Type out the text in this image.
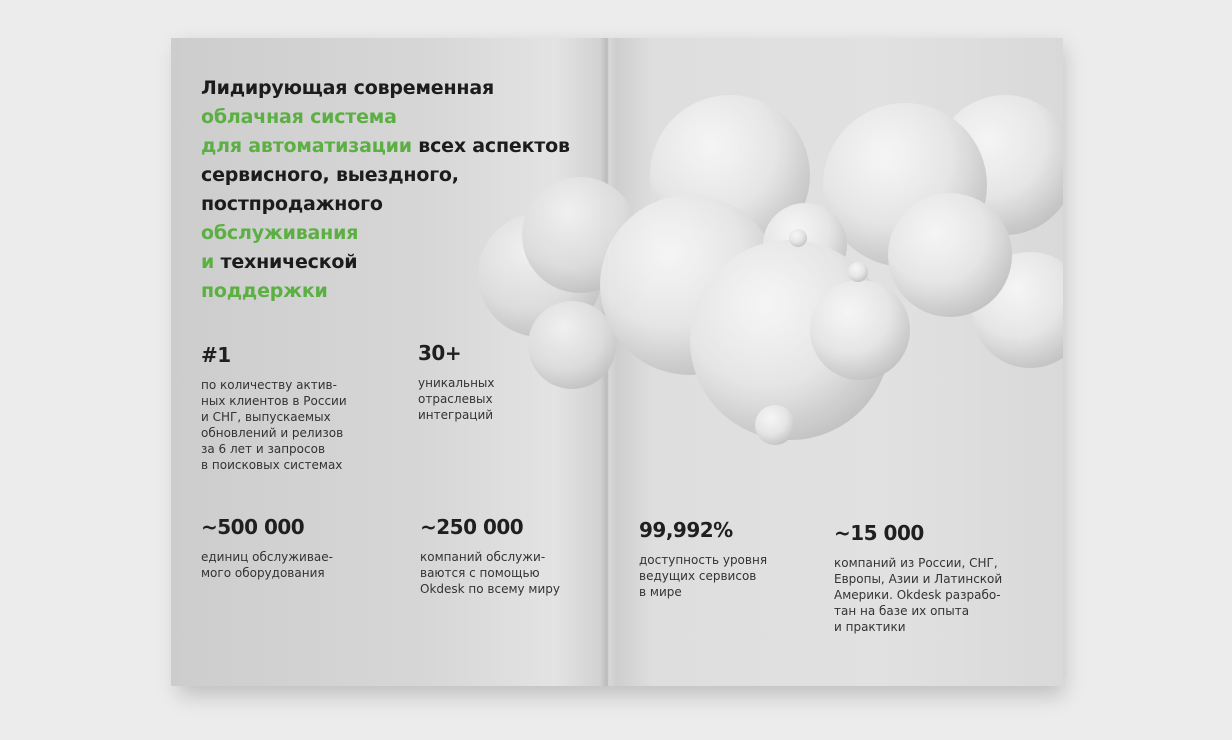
Лидирующая современная
облачная система
для автоматизации всех аспектов
сервисного, выездного,
постпродажного
обслуживания
и технической
поддержки
#1
по количеству актив-
ных клиентов в России
и СНГ, выпускаемых
обновлений и релизов
за 6 лет и запросов
в поисковых системах
30+
уникальных
отраслевых
интеграций
~500 000
единиц обслуживае-
мого оборудования
~250 000
компаний обслужи-
ваются с помощью
Okdesk по всему миру
99,992%
доступность уровня
ведущих сервисов
в мире
~15 000
компаний из России, СНГ,
Европы, Азии и Латинской
Америки. Okdesk разрабо-
тан на базе их опыта
и практики
